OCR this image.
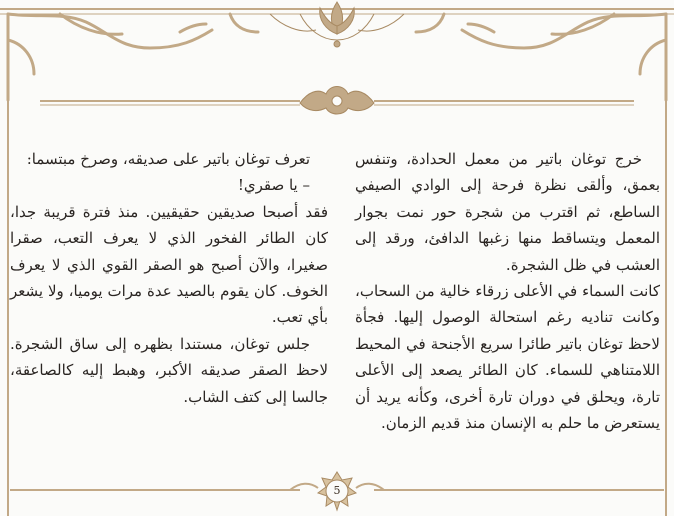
خرج توغان باتير من معمل الحدادة، وتنفس بعمق، وألقى نظرة فرحة إلى الوادي الصيفي الساطع، ثم اقترب من شجرة حور نمت بجوار المعمل ويتساقط منها زغبها الدافئ، ورقد إلى العشب في ظل الشجرة.

كانت السماء في الأعلى زرقاء خالية من السحاب، وكانت تناديه رغم استحالة الوصول إليها. فجأة لاحظ توغان باتير طائرا سريع الأجنحة في المحيط اللامتناهي للسماء. كان الطائر يصعد إلى الأعلى تارة، ويحلق في دوران تارة أخرى، وكأنه يريد أن يستعرض ما حلم به الإنسان منذ قديم الزمان.

تعرف توغان باتير على صديقه، وصرخ مبتسما:

– يا صقري!

فقد أصبحا صديقين حقيقيين. منذ فترة قريبة جدا، كان الطائر الفخور الذي لا يعرف التعب، صقرا صغيرا، والآن أصبح هو الصقر القوي الذي لا يعرف الخوف. كان يقوم بالصيد عدة مرات يوميا، ولا يشعر بأي تعب.

جلس توغان، مستندا بظهره إلى ساق الشجرة. لاحظ الصقر صديقه الأكبر، وهبط إليه كالصاعقة، جالسا إلى كتف الشاب.

5
